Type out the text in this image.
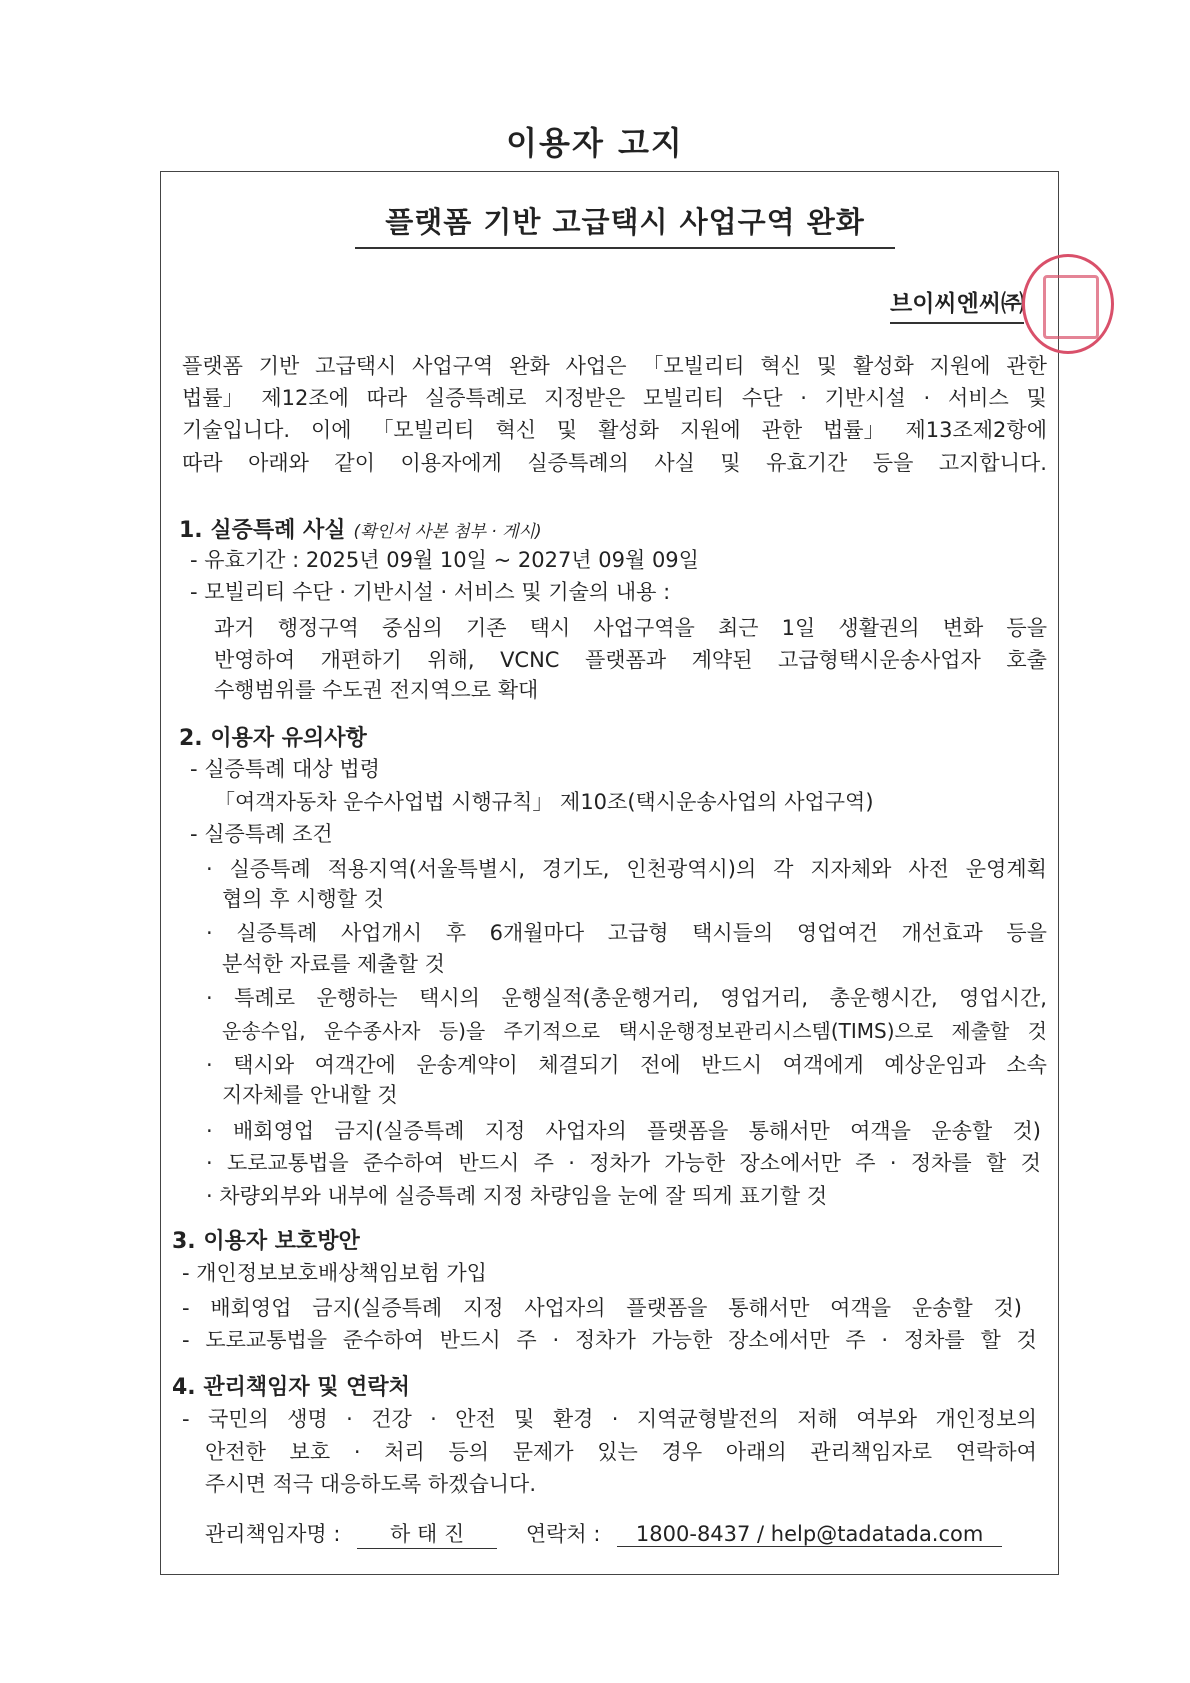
이용자 고지
플랫폼 기반 고급택시 사업구역 완화
브이씨엔씨㈜
플랫폼 기반 고급택시 사업구역 완화 사업은 「모빌리티 혁신 및 활성화 지원에 관한
법률」 제12조에 따라 실증특례로 지정받은 모빌리티 수단 · 기반시설 · 서비스 및
기술입니다. 이에 「모빌리티 혁신 및 활성화 지원에 관한 법률」 제13조제2항에
따라 아래와 같이 이용자에게 실증특례의 사실 및 유효기간 등을 고지합니다.
1. 실증특례 사실 (확인서 사본 첨부 · 게시)
- 유효기간 : 2025년 09월 10일 ~ 2027년 09월 09일
- 모빌리티 수단 · 기반시설 · 서비스 및 기술의 내용 :
과거 행정구역 중심의 기존 택시 사업구역을 최근 1일 생활권의 변화 등을
반영하여 개편하기 위해, VCNC 플랫폼과 계약된 고급형택시운송사업자 호출
수행범위를 수도권 전지역으로 확대
2. 이용자 유의사항
- 실증특례 대상 법령
「여객자동차 운수사업법 시행규칙」 제10조(택시운송사업의 사업구역)
- 실증특례 조건
· 실증특례 적용지역(서울특별시, 경기도, 인천광역시)의 각 지자체와 사전 운영계획
협의 후 시행할 것
· 실증특례 사업개시 후 6개월마다 고급형 택시들의 영업여건 개선효과 등을
분석한 자료를 제출할 것
· 특례로 운행하는 택시의 운행실적(총운행거리, 영업거리, 총운행시간, 영업시간,
운송수입, 운수종사자 등)을 주기적으로 택시운행정보관리시스템(TIMS)으로 제출할 것
· 택시와 여객간에 운송계약이 체결되기 전에 반드시 여객에게 예상운임과 소속
지자체를 안내할 것
· 배회영업 금지(실증특례 지정 사업자의 플랫폼을 통해서만 여객을 운송할 것)
· 도로교통법을 준수하여 반드시 주 · 정차가 가능한 장소에서만 주 · 정차를 할 것
· 차량외부와 내부에 실증특례 지정 차량임을 눈에 잘 띄게 표기할 것
3. 이용자 보호방안
- 개인정보보호배상책임보험 가입
- 배회영업 금지(실증특례 지정 사업자의 플랫폼을 통해서만 여객을 운송할 것)
- 도로교통법을 준수하여 반드시 주 · 정차가 가능한 장소에서만 주 · 정차를 할 것
4. 관리책임자 및 연락처
- 국민의 생명 · 건강 · 안전 및 환경 · 지역균형발전의 저해 여부와 개인정보의
안전한 보호 · 처리 등의 문제가 있는 경우 아래의 관리책임자로 연락하여
주시면 적극 대응하도록 하겠습니다.
관리책임자명 : 하 태 진	연락처 : 1800-8437 / help@tadatada.com
